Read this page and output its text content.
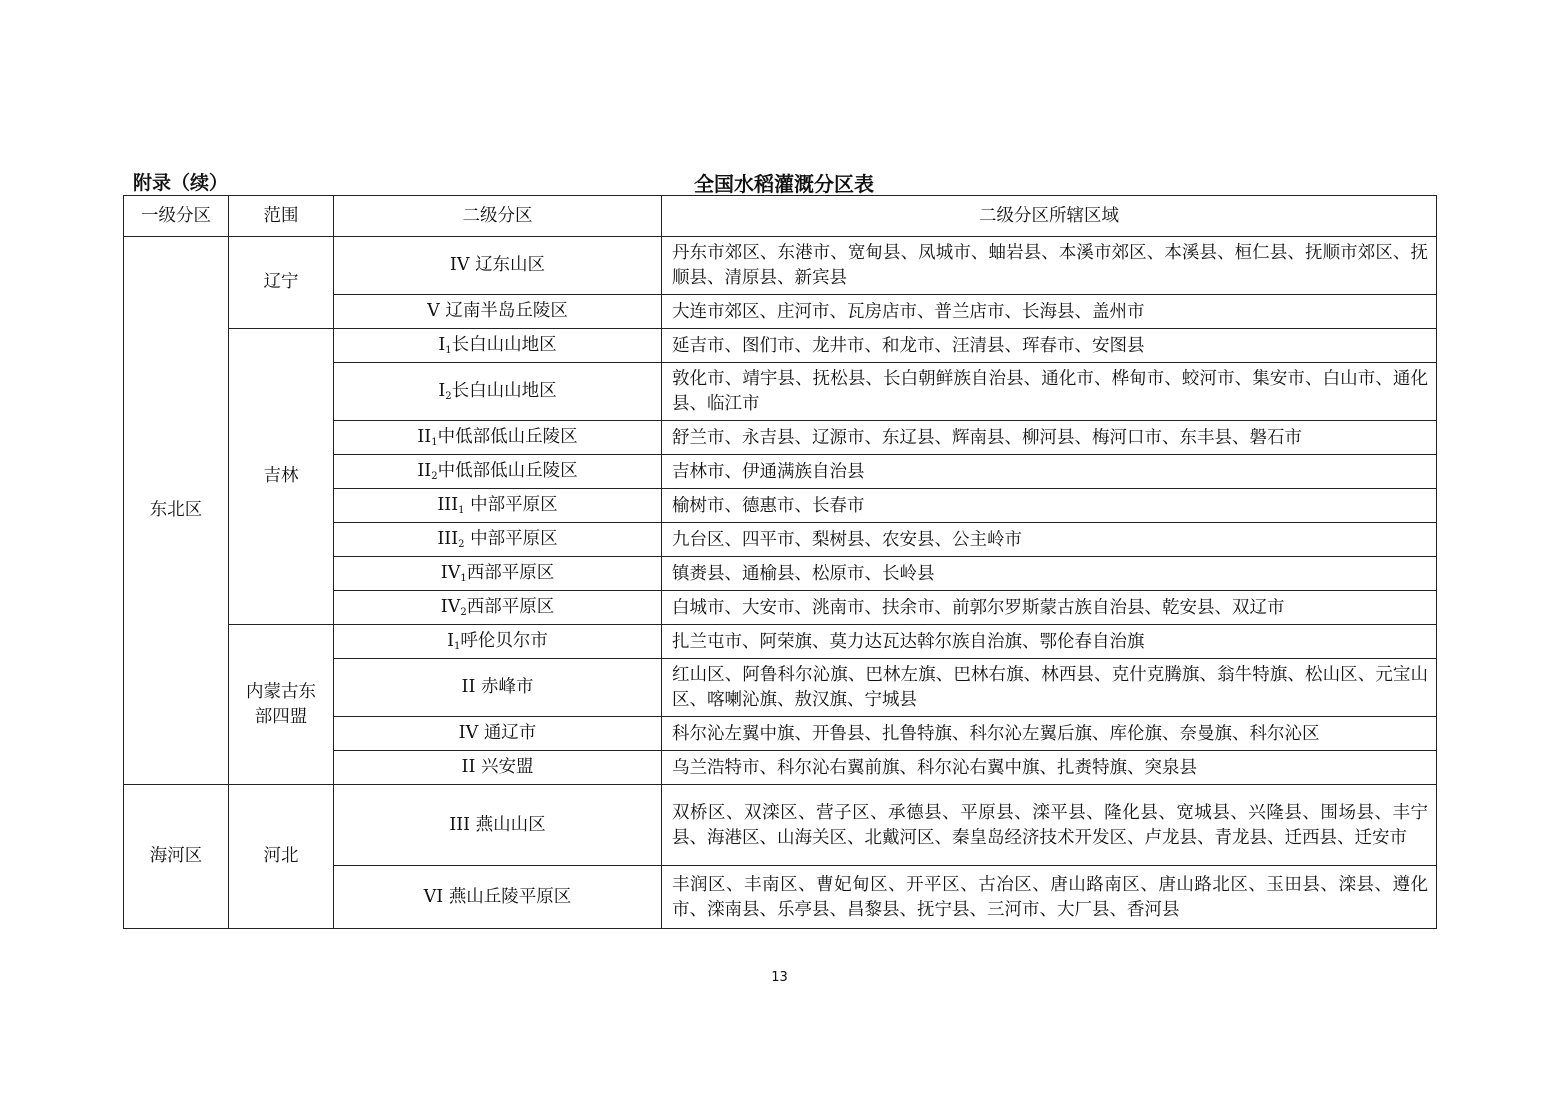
附录（续）	全国水稻灌溉分区表
一级分区	范围	二级分区	二级分区所辖区域
东北区	辽宁	IV 辽东山区	丹东市郊区、东港市、宽甸县、凤城市、蚰岩县、本溪市郊区、本溪县、桓仁县、抚顺市郊区、抚顺县、清原县、新宾县
		V 辽南半岛丘陵区	大连市郊区、庄河市、瓦房店市、普兰店市、长海县、盖州市
	吉林	$I_1$长白山山地区	延吉市、图们市、龙井市、和龙市、汪清县、珲春市、安图县
		$I_2$长白山山地区	敦化市、靖宇县、抚松县、长白朝鲜族自治县、通化市、桦甸市、蛟河市、集安市、白山市、通化县、临江市
		$II_1$中低部低山丘陵区	舒兰市、永吉县、辽源市、东辽县、辉南县、柳河县、梅河口市、东丰县、磐石市
		$II_2$中低部低山丘陵区	吉林市、伊通满族自治县
		$III_1$ 中部平原区	榆树市、德惠市、长春市
		$III_2$ 中部平原区	九台区、四平市、梨树县、农安县、公主岭市
		$IV_1$西部平原区	镇赉县、通榆县、松原市、长岭县
		$IV_2$西部平原区	白城市、大安市、洮南市、扶余市、前郭尔罗斯蒙古族自治县、乾安县、双辽市
	内蒙古东部四盟	$I_1$呼伦贝尔市	扎兰屯市、阿荣旗、莫力达瓦达斡尔族自治旗、鄂伦春自治旗
		II 赤峰市	红山区、阿鲁科尔沁旗、巴林左旗、巴林右旗、林西县、克什克腾旗、翁牛特旗、松山区、元宝山区、喀喇沁旗、敖汉旗、宁城县
		IV 通辽市	科尔沁左翼中旗、开鲁县、扎鲁特旗、科尔沁左翼后旗、库伦旗、奈曼旗、科尔沁区
		II 兴安盟	乌兰浩特市、科尔沁右翼前旗、科尔沁右翼中旗、扎赉特旗、突泉县
海河区	河北	III 燕山山区	双桥区、双滦区、营子区、承德县、平原县、滦平县、隆化县、宽城县、兴隆县、围场县、丰宁县、海港区、山海关区、北戴河区、秦皇岛经济技术开发区、卢龙县、青龙县、迁西县、迁安市
		VI 燕山丘陵平原区	丰润区、丰南区、曹妃甸区、开平区、古冶区、唐山路南区、唐山路北区、玉田县、滦县、遵化市、滦南县、乐亭县、昌黎县、抚宁县、三河市、大厂县、香河县
13
